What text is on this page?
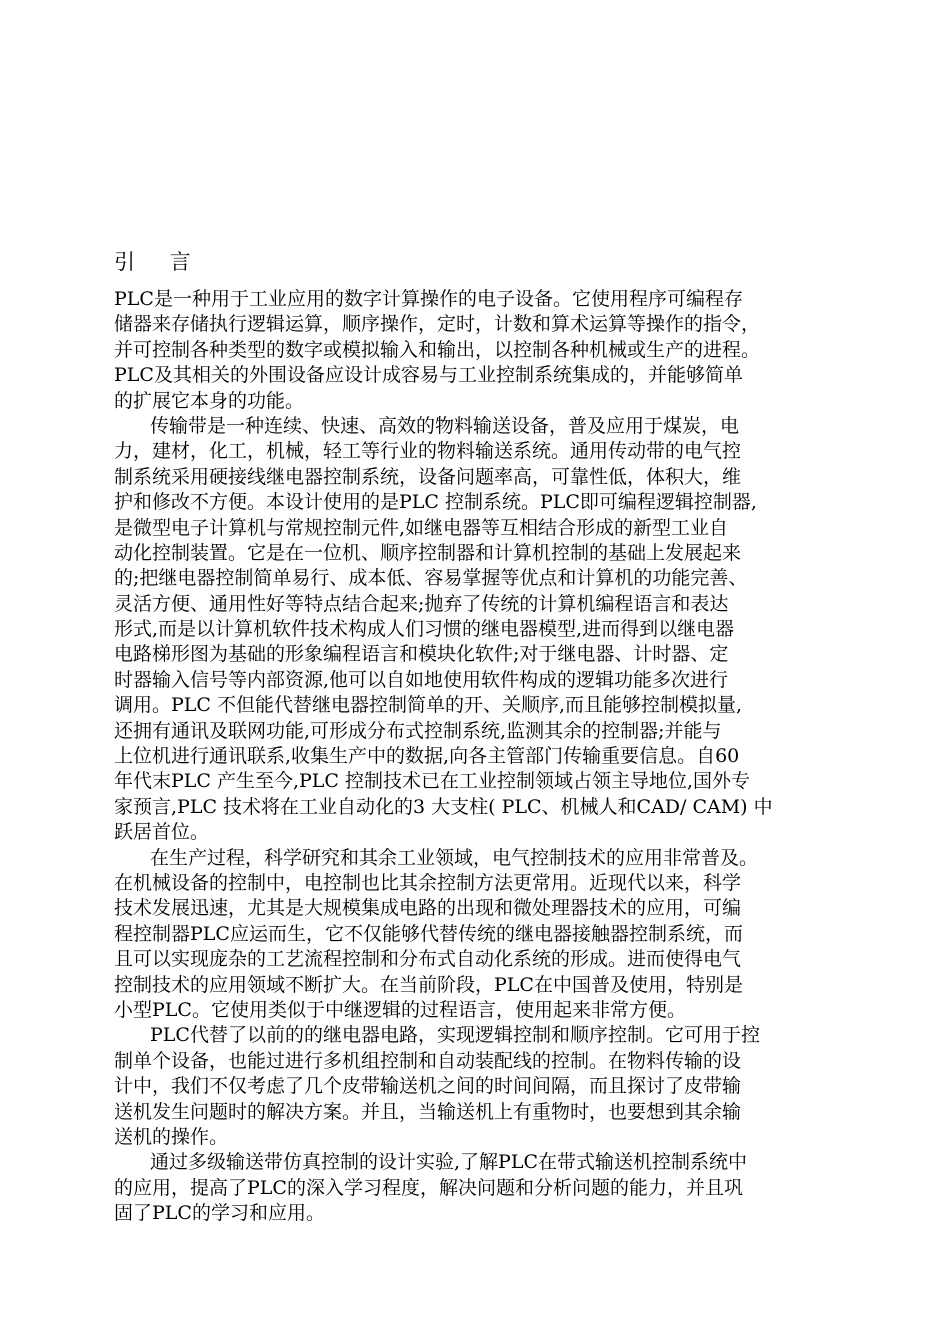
引 言
PLC是一种用于工业应用的数字计算操作的电子设备。它使用程序可编程存
储器来存储执行逻辑运算，顺序操作，定时，计数和算术运算等操作的指令，
并可控制各种类型的数字或模拟输入和输出，以控制各种机械或生产的进程。
PLC及其相关的外围设备应设计成容易与工业控制系统集成的，并能够简单
的扩展它本身的功能。
传输带是一种连续、快速、高效的物料输送设备，普及应用于煤炭，电
力，建材，化工，机械，轻工等行业的物料输送系统。通用传动带的电气控
制系统采用硬接线继电器控制系统，设备问题率高，可靠性低，体积大，维
护和修改不方便。本设计使用的是PLC 控制系统。PLC即可编程逻辑控制器,
是微型电子计算机与常规控制元件,如继电器等互相结合形成的新型工业自
动化控制装置。它是在一位机、顺序控制器和计算机控制的基础上发展起来
的;把继电器控制简单易行、成本低、容易掌握等优点和计算机的功能完善、
灵活方便、通用性好等特点结合起来;抛弃了传统的计算机编程语言和表达
形式,而是以计算机软件技术构成人们习惯的继电器模型,进而得到以继电器
电路梯形图为基础的形象编程语言和模块化软件;对于继电器、计时器、定
时器输入信号等内部资源,他可以自如地使用软件构成的逻辑功能多次进行
调用。PLC 不但能代替继电器控制简单的开、关顺序,而且能够控制模拟量,
还拥有通讯及联网功能,可形成分布式控制系统,监测其余的控制器;并能与
上位机进行通讯联系,收集生产中的数据,向各主管部门传输重要信息。自60
年代末PLC 产生至今,PLC 控制技术已在工业控制领域占领主导地位,国外专
家预言,PLC 技术将在工业自动化的3 大支柱( PLC、机械人和CAD/ CAM) 中
跃居首位。
在生产过程，科学研究和其余工业领域，电气控制技术的应用非常普及。
在机械设备的控制中，电控制也比其余控制方法更常用。近现代以来，科学
技术发展迅速，尤其是大规模集成电路的出现和微处理器技术的应用，可编
程控制器PLC应运而生，它不仅能够代替传统的继电器接触器控制系统，而
且可以实现庞杂的工艺流程控制和分布式自动化系统的形成。进而使得电气
控制技术的应用领域不断扩大。在当前阶段，PLC在中国普及使用，特别是
小型PLC。它使用类似于中继逻辑的过程语言，使用起来非常方便。
PLC代替了以前的的继电器电路，实现逻辑控制和顺序控制。它可用于控
制单个设备，也能过进行多机组控制和自动装配线的控制。在物料传输的设
计中，我们不仅考虑了几个皮带输送机之间的时间间隔，而且探讨了皮带输
送机发生问题时的解决方案。并且，当输送机上有重物时，也要想到其余输
送机的操作。
通过多级输送带仿真控制的设计实验,了解PLC在带式输送机控制系统中
的应用，提高了PLC的深入学习程度，解决问题和分析问题的能力，并且巩
固了PLC的学习和应用。
